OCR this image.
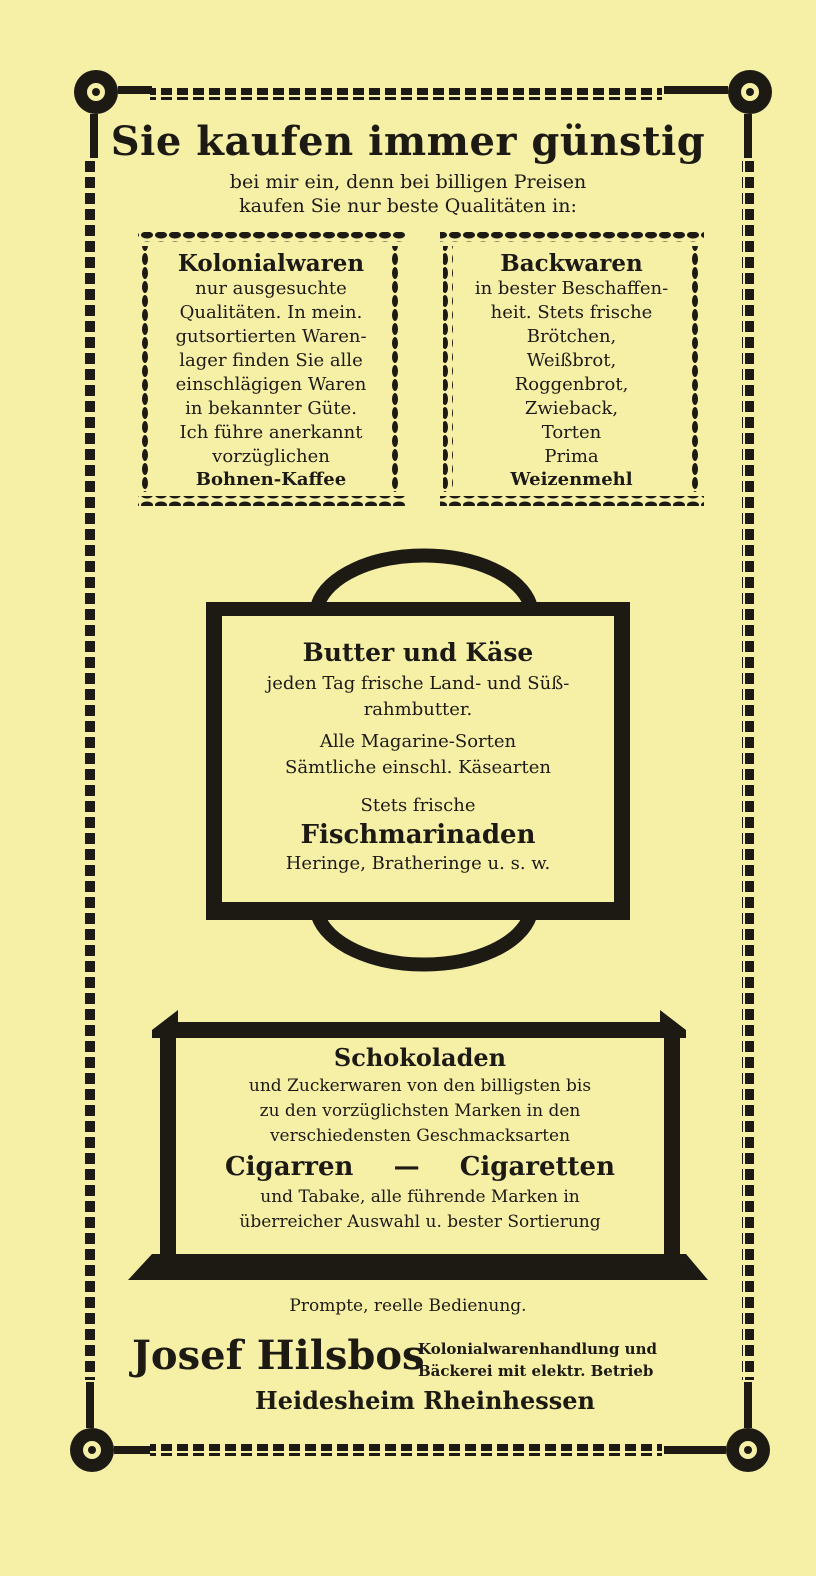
Sie kaufen immer günstig
bei mir ein, denn bei billigen Preisen
kaufen Sie nur beste Qualitäten in:
Kolonialwaren
nur ausgesuchte
Qualitäten. In mein.
gutsortierten Waren-
lager finden Sie alle
einschlägigen Waren
in bekannter Güte.
Ich führe anerkannt
vorzüglichen
Bohnen-Kaffee
Backwaren
in bester Beschaffen-
heit. Stets frische
Brötchen,
Weißbrot,
Roggenbrot,
Zwieback,
Torten
Prima
Weizenmehl
Butter und Käse
jeden Tag frische Land- und Süß-
rahmbutter.
Alle Magarine-Sorten
Sämtliche einschl. Käsearten
Stets frische
Fischmarinaden
Heringe, Bratheringe u. s. w.
Schokoladen
und Zuckerwaren von den billigsten bis
zu den vorzüglichsten Marken in den
verschiedensten Geschmacksarten
Cigarren — Cigaretten
und Tabake, alle führende Marken in
überreicher Auswahl u. bester Sortierung
Prompte, reelle Bedienung.
Josef Hilsbos
Kolonialwarenhandlung und
Bäckerei mit elektr. Betrieb
Heidesheim Rheinhessen
